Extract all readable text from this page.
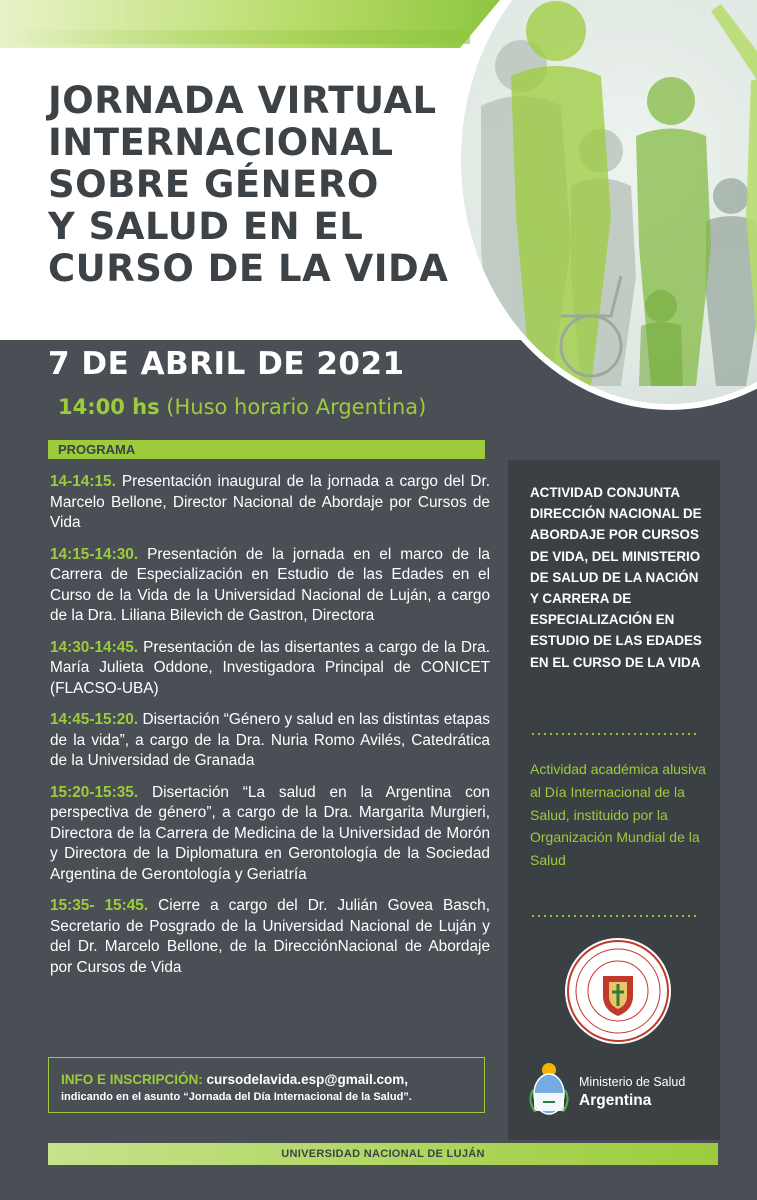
JORNADA VIRTUAL
INTERNACIONAL
SOBRE GÉNERO
Y SALUD EN EL
CURSO DE LA VIDA
7 DE ABRIL DE 2021
14:00 hs (Huso horario Argentina)
PROGRAMA

14-14:15. Presentación inaugural de la jornada a cargo del Dr. Marcelo Bellone, Director Nacional de Abordaje por Cursos de Vida

14:15-14:30. Presentación de la jornada en el marco de la Carrera de Especialización en Estudio de las Edades en el Curso de la Vida de la Universidad Nacional de Luján, a cargo de la Dra. Liliana Bilevich de Gastron, Directora

14:30-14:45. Presentación de las disertantes a cargo de la Dra. María Julieta Oddone, Investigadora Principal de CONICET (FLACSO-UBA)

14:45-15:20. Disertación “Género y salud en las distintas etapas de la vida”, a cargo de la Dra. Nuria Romo Avilés, Catedrática de la Universidad de Granada

15:20-15:35. Disertación “La salud en la Argentina con perspectiva de género”, a cargo de la Dra. Margarita Murgieri, Directora de la Carrera de Medicina de la Universidad de Morón y Directora de la Diplomatura en Gerontología de la Sociedad Argentina de Gerontología y Geriatría

15:35- 15:45. Cierre a cargo del Dr. Julián Govea Basch, Secretario de Posgrado de la Universidad Nacional de Luján y del Dr. Marcelo Bellone, de la DirecciónNacional de Abordaje por Cursos de Vida

INFO E INSCRIPCIÓN: cursodelavida.esp@gmail.com,
indicando en el asunto “Jornada del Día Internacional de la Salud”.
ACTIVIDAD CONJUNTA DIRECCIÓN NACIONAL DE ABORDAJE POR CURSOS DE VIDA, DEL MINISTERIO DE SALUD DE LA NACIÓN Y CARRERA DE ESPECIALIZACIÓN EN ESTUDIO DE LAS EDADES EN EL CURSO DE LA VIDA
Actividad académica alusiva al Día Internacional de la Salud, instituido por la Organización Mundial de la Salud
Ministerio de Salud
Argentina
UNIVERSIDAD NACIONAL DE LUJÁN
